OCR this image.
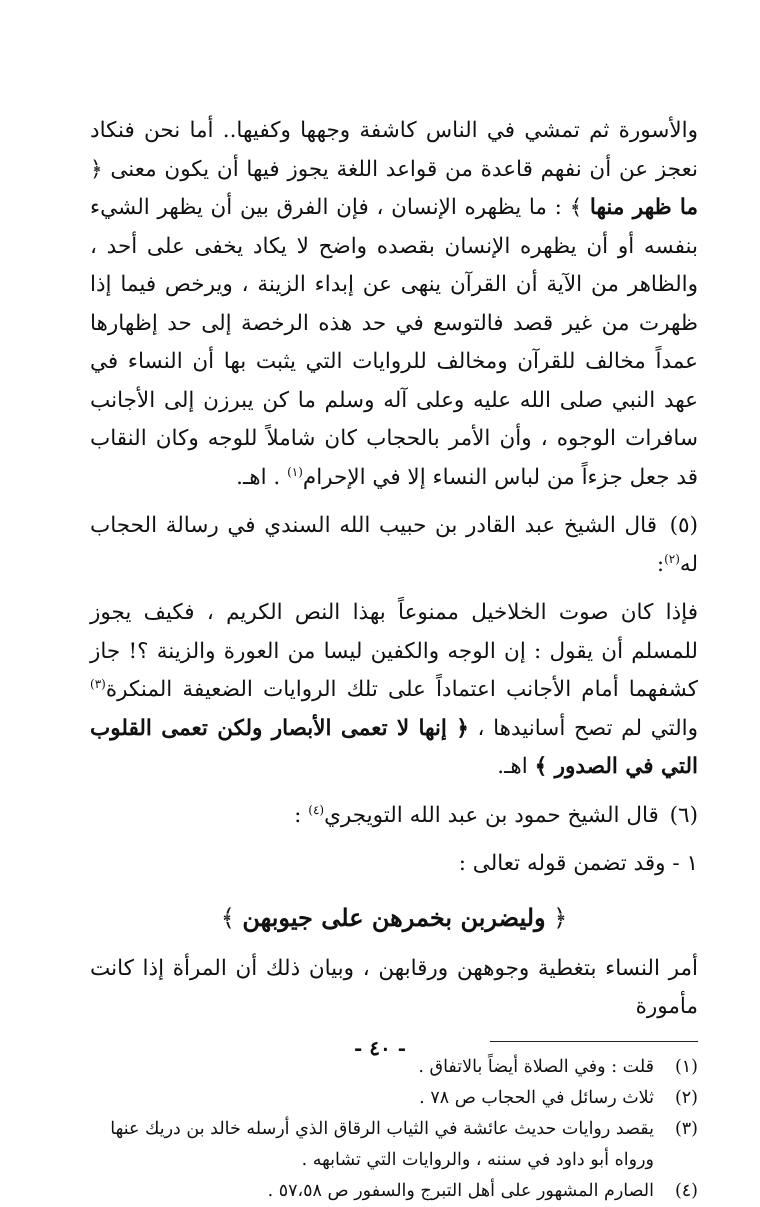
والأسورة ثم تمشي في الناس كاشفة وجهها وكفيها.. أما نحن فنكاد نعجز عن أن نفهم قاعدة من قواعد اللغة يجوز فيها أن يكون معنى ﴿ ما ظهر منها ﴾ : ما يظهره الإنسان ، فإن الفرق بين أن يظهر الشيء بنفسه أو أن يظهره الإنسان بقصده واضح لا يكاد يخفى على أحد ، والظاهر من الآية أن القرآن ينهى عن إبداء الزينة ، ويرخص فيما إذا ظهرت من غير قصد فالتوسع في حد هذه الرخصة إلى حد إظهارها عمداً مخالف للقرآن ومخالف للروايات التي يثبت بها أن النساء في عهد النبي صلى الله عليه وعلى آله وسلم ما كن يبرزن إلى الأجانب سافرات الوجوه ، وأن الأمر بالحجاب كان شاملاً للوجه وكان النقاب قد جعل جزءاً من لباس النساء إلا في الإحرام$^{(١)}$ . اهـ.

(٥) قال الشيخ عبد القادر بن حبيب الله السندي في رسالة الحجاب له$^{(٢)}$:

فإذا كان صوت الخلاخيل ممنوعاً بهذا النص الكريم ، فكيف يجوز للمسلم أن يقول : إن الوجه والكفين ليسا من العورة والزينة ؟! جاز كشفهما أمام الأجانب اعتماداً على تلك الروايات الضعيفة المنكرة$^{(٣)}$ والتي لم تصح أسانيدها ، ﴿ إنها لا تعمى الأبصار ولكن تعمى القلوب التي في الصدور ﴾ اهـ.

(٦) قال الشيخ حمود بن عبد الله التويجري$^{(٤)}$ :

١ - وقد تضمن قوله تعالى :

﴿ وليضربن بخمرهن على جيوبهن ﴾

أمر النساء بتغطية وجوههن ورقابهن ، وبيان ذلك أن المرأة إذا كانت مأمورة

(١)
قلت : وفي الصلاة أيضاً بالاتفاق .
(٢)
ثلاث رسائل في الحجاب ص ٧٨ .
(٣)
يقصد روايات حديث عائشة في الثياب الرقاق الذي أرسله خالد بن دريك عنها ورواه أبو داود في سننه ، والروايات التي تشابهه .
(٤)
الصارم المشهور على أهل التبرج والسفور ص ٥٧،٥٨ .
- ٤٠ -
